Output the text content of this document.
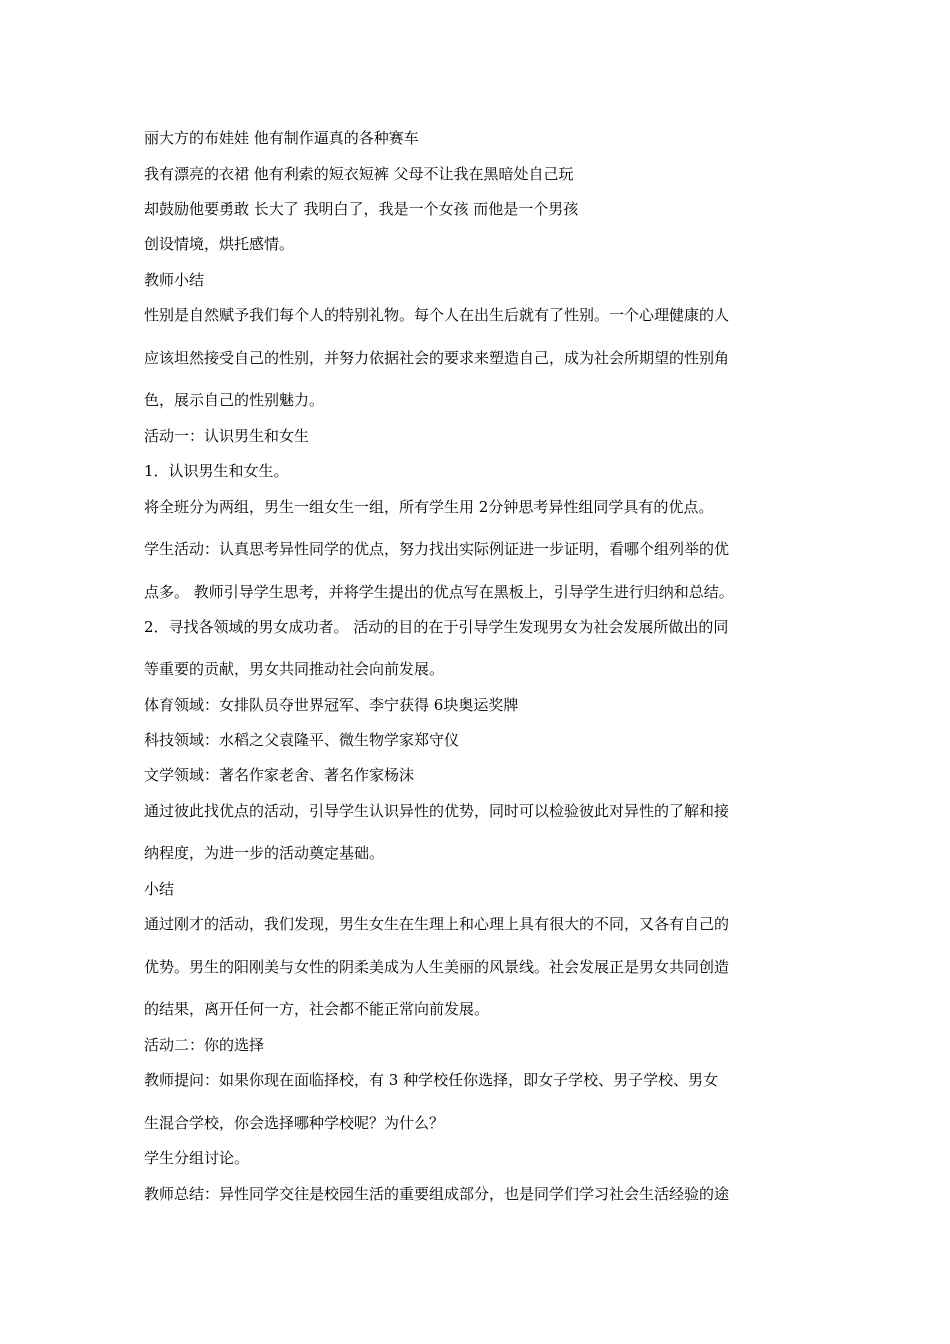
丽大方的布娃娃 他有制作逼真的各种赛车
我有漂亮的衣裙 他有利索的短衣短裤 父母不让我在黑暗处自己玩
却鼓励他要勇敢 长大了 我明白了，我是一个女孩 而他是一个男孩
创设情境，烘托感情。
教师小结
性别是自然赋予我们每个人的特别礼物。每个人在出生后就有了性别。一个心理健康的人
应该坦然接受自己的性别，并努力依据社会的要求来塑造自己，成为社会所期望的性别角
色，展示自己的性别魅力。
活动一：认识男生和女生
1．认识男生和女生。
将全班分为两组，男生一组女生一组，所有学生用 2分钟思考异性组同学具有的优点。
学生活动：认真思考异性同学的优点，努力找出实际例证进一步证明，看哪个组列举的优
点多。 教师引导学生思考，并将学生提出的优点写在黑板上，引导学生进行归纳和总结。
2．寻找各领域的男女成功者。 活动的目的在于引导学生发现男女为社会发展所做出的同
等重要的贡献，男女共同推动社会向前发展。
体育领域：女排队员夺世界冠军、李宁获得 6块奥运奖牌
科技领域：水稻之父袁隆平、微生物学家郑守仪
文学领域：著名作家老舍、著名作家杨沫
通过彼此找优点的活动，引导学生认识异性的优势，同时可以检验彼此对异性的了解和接
纳程度，为进一步的活动奠定基础。
小结
通过刚才的活动，我们发现，男生女生在生理上和心理上具有很大的不同，又各有自己的
优势。男生的阳刚美与女性的阴柔美成为人生美丽的风景线。社会发展正是男女共同创造
的结果，离开任何一方，社会都不能正常向前发展。
活动二：你的选择
教师提问：如果你现在面临择校，有 3 种学校任你选择，即女子学校、男子学校、男女
生混合学校，你会选择哪种学校呢？为什么？
学生分组讨论。
教师总结：异性同学交往是校园生活的重要组成部分，也是同学们学习社会生活经验的途
